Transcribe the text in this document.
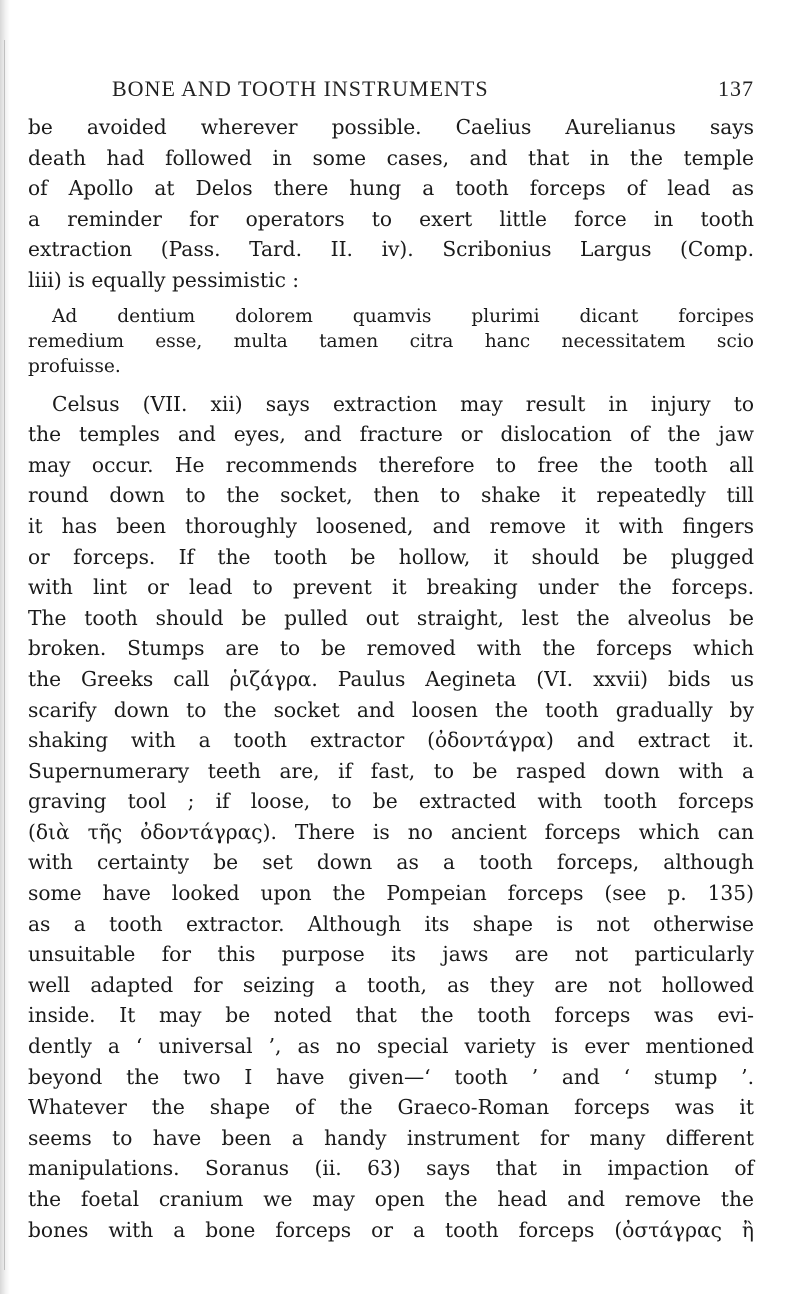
BONE AND TOOTH INSTRUMENTS	137
be avoided wherever possible. Caelius Aurelianus says
death had followed in some cases, and that in the temple
of Apollo at Delos there hung a tooth forceps of lead as
a reminder for operators to exert little force in tooth
extraction (Pass. Tard. II. iv). Scribonius Largus (Comp.
liii) is equally pessimistic :
Ad dentium dolorem quamvis plurimi dicant forcipes
remedium esse, multa tamen citra hanc necessitatem scio
profuisse.
Celsus (VII. xii) says extraction may result in injury to
the temples and eyes, and fracture or dislocation of the jaw
may occur. He recommends therefore to free the tooth all
round down to the socket, then to shake it repeatedly till
it has been thoroughly loosened, and remove it with fingers
or forceps. If the tooth be hollow, it should be plugged
with lint or lead to prevent it breaking under the forceps.
The tooth should be pulled out straight, lest the alveolus be
broken. Stumps are to be removed with the forceps which
the Greeks call ῥιζάγρα. Paulus Aegineta (VI. xxvii) bids us
scarify down to the socket and loosen the tooth gradually by
shaking with a tooth extractor (ὀδοντάγρα) and extract it.
Supernumerary teeth are, if fast, to be rasped down with a
graving tool ; if loose, to be extracted with tooth forceps
(διὰ τῆς ὀδοντάγρας). There is no ancient forceps which can
with certainty be set down as a tooth forceps, although
some have looked upon the Pompeian forceps (see p. 135)
as a tooth extractor. Although its shape is not otherwise
unsuitable for this purpose its jaws are not particularly
well adapted for seizing a tooth, as they are not hollowed
inside. It may be noted that the tooth forceps was evi-
dently a ‘ universal ’, as no special variety is ever mentioned
beyond the two I have given—‘ tooth ’ and ‘ stump ’.
Whatever the shape of the Graeco-Roman forceps was it
seems to have been a handy instrument for many different
manipulations. Soranus (ii. 63) says that in impaction of
the foetal cranium we may open the head and remove the
bones with a bone forceps or a tooth forceps (ὀστάγρας ἢ
